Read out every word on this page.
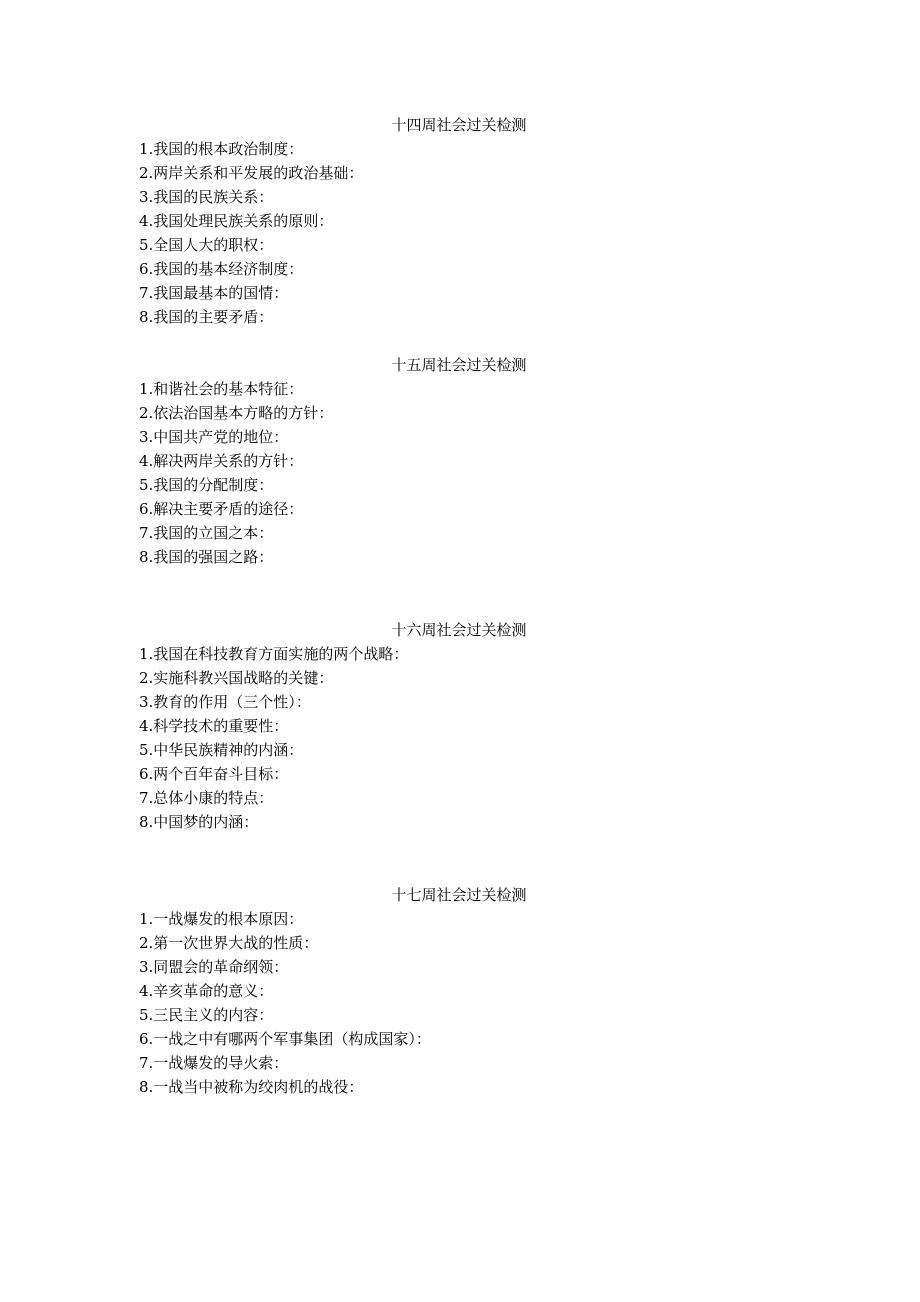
十四周社会过关检测
1.我国的根本政治制度：
2.两岸关系和平发展的政治基础：
3.我国的民族关系：
4.我国处理民族关系的原则：
5.全国人大的职权：
6.我国的基本经济制度：
7.我国最基本的国情：
8.我国的主要矛盾：
十五周社会过关检测
1.和谐社会的基本特征：
2.依法治国基本方略的方针：
3.中国共产党的地位：
4.解决两岸关系的方针：
5.我国的分配制度：
6.解决主要矛盾的途径：
7.我国的立国之本：
8.我国的强国之路：
十六周社会过关检测
1.我国在科技教育方面实施的两个战略：
2.实施科教兴国战略的关键：
3.教育的作用（三个性）：
4.科学技术的重要性：
5.中华民族精神的内涵：
6.两个百年奋斗目标：
7.总体小康的特点：
8.中国梦的内涵：
十七周社会过关检测
1.一战爆发的根本原因：
2.第一次世界大战的性质：
3.同盟会的革命纲领：
4.辛亥革命的意义：
5.三民主义的内容：
6.一战之中有哪两个军事集团（构成国家）：
7.一战爆发的导火索：
8.一战当中被称为绞肉机的战役：
